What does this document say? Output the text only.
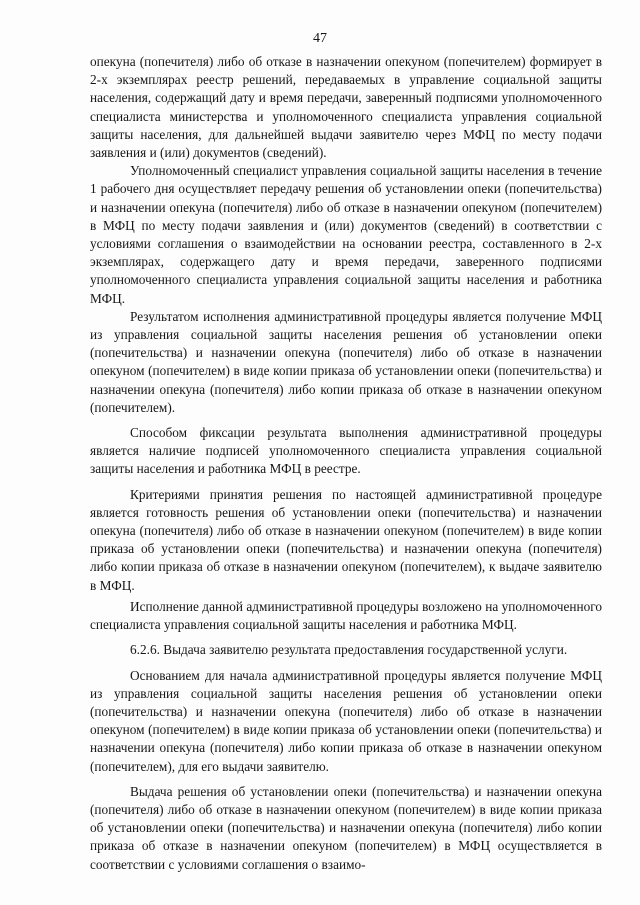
47

опекуна (попечителя) либо об отказе в назначении опекуном (попечителем) формирует в 2-х экземплярах реестр решений, передаваемых в управление социальной защиты населения, содержащий дату и время передачи, заверенный подписями уполномоченного специалиста министерства и уполномоченного специалиста управления социальной защиты населения, для дальнейшей выдачи заявителю через МФЦ по месту подачи заявления и (или) документов (сведений).

Уполномоченный специалист управления социальной защиты населения в течение 1 рабочего дня осуществляет передачу решения об установлении опеки (попечительства) и назначении опекуна (попечителя) либо об отказе в назначении опекуном (попечителем) в МФЦ по месту подачи заявления и (или) документов (сведений) в соответствии с условиями соглашения о взаимодействии на основании реестра, составленного в 2-х экземплярах, содержащего дату и время передачи, заверенного подписями уполномоченного специалиста управления социальной защиты населения и работника МФЦ.

Результатом исполнения административной процедуры является получение МФЦ из управления социальной защиты населения решения об установлении опеки (попечительства) и назначении опекуна (попечителя) либо об отказе в назначении опекуном (попечителем) в виде копии приказа об установлении опеки (попечительства) и назначении опекуна (попечителя) либо копии приказа об отказе в назначении опекуном (попечителем).

Способом фиксации результата выполнения административной процедуры является наличие подписей уполномоченного специалиста управления социальной защиты населения и работника МФЦ в реестре.

Критериями принятия решения по настоящей административной процедуре является готовность решения об установлении опеки (попечительства) и назначении опекуна (попечителя) либо об отказе в назначении опекуном (попечителем) в виде копии приказа об установлении опеки (попечительства) и назначении опекуна (попечителя) либо копии приказа об отказе в назначении опекуном (попечителем), к выдаче заявителю в МФЦ.

Исполнение данной административной процедуры возложено на уполномоченного специалиста управления социальной защиты населения и работника МФЦ.

6.2.6. Выдача заявителю результата предоставления государственной услуги.

Основанием для начала административной процедуры является получение МФЦ из управления социальной защиты населения решения об установлении опеки (попечительства) и назначении опекуна (попечителя) либо об отказе в назначении опекуном (попечителем) в виде копии приказа об установлении опеки (попечительства) и назначении опекуна (попечителя) либо копии приказа об отказе в назначении опекуном (попечителем), для его выдачи заявителю.

Выдача решения об установлении опеки (попечительства) и назначении опекуна (попечителя) либо об отказе в назначении опекуном (попечителем) в виде копии приказа об установлении опеки (попечительства) и назначении опекуна (попечителя) либо копии приказа об отказе в назначении опекуном (попечителем) в МФЦ осуществляется в соответствии с условиями соглашения о взаимо-
